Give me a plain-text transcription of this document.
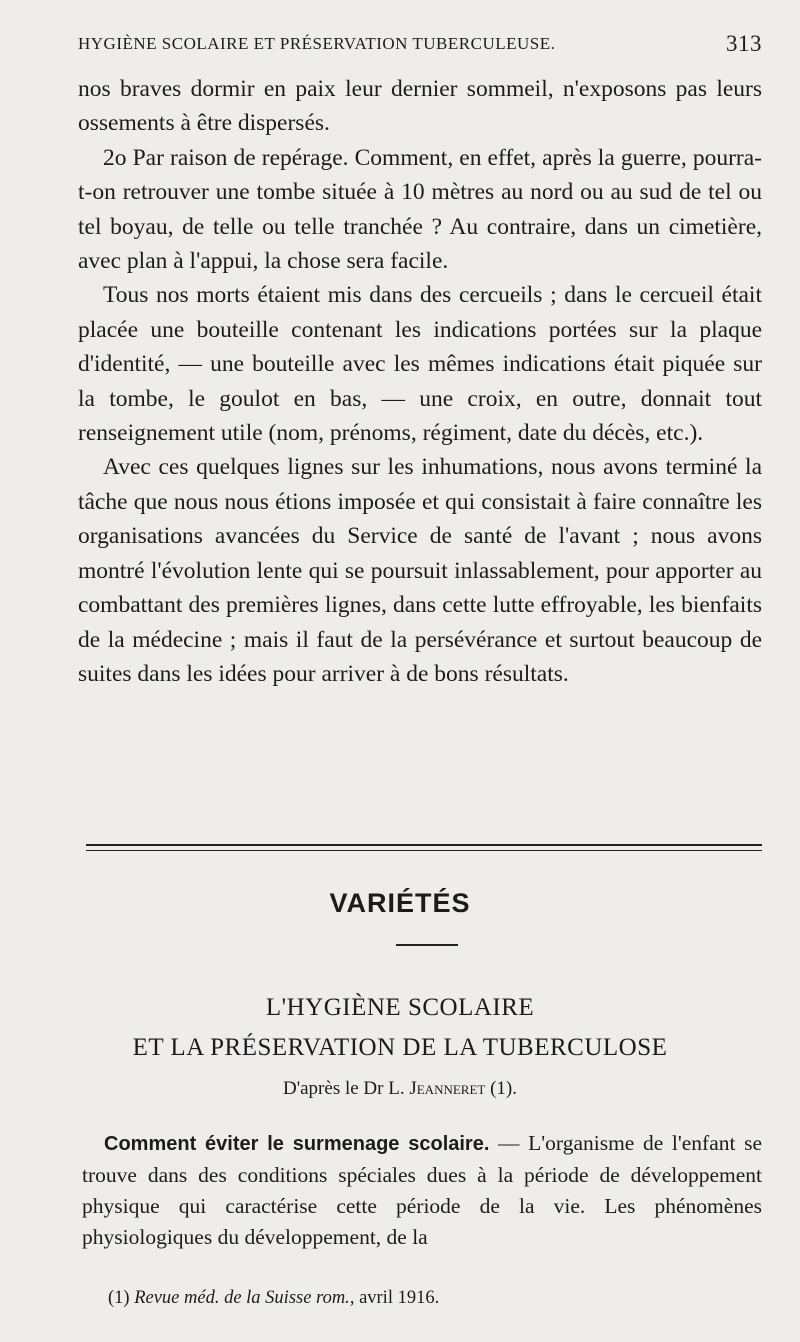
HYGIÈNE SCOLAIRE ET PRÉSERVATION TUBERCULEUSE.	313

nos braves dormir en paix leur dernier sommeil, n'exposons pas leurs ossements à être dispersés.

2o Par raison de repérage. Comment, en effet, après la guerre, pourra-t-on retrouver une tombe située à 10 mètres au nord ou au sud de tel ou tel boyau, de telle ou telle tranchée ? Au contraire, dans un cimetière, avec plan à l'appui, la chose sera facile.

Tous nos morts étaient mis dans des cercueils ; dans le cercueil était placée une bouteille contenant les indications portées sur la plaque d'identité, — une bouteille avec les mêmes indications était piquée sur la tombe, le goulot en bas, — une croix, en outre, donnait tout renseignement utile (nom, prénoms, régiment, date du décès, etc.).

Avec ces quelques lignes sur les inhumations, nous avons terminé la tâche que nous nous étions imposée et qui consistait à faire connaître les organisations avancées du Service de santé de l'avant ; nous avons montré l'évolution lente qui se poursuit inlassablement, pour apporter au combattant des premières lignes, dans cette lutte effroyable, les bienfaits de la médecine ; mais il faut de la persévérance et surtout beaucoup de suites dans les idées pour arriver à de bons résultats.

VARIÉTÉS
L'HYGIÈNE SCOLAIRE
ET LA PRÉSERVATION DE LA TUBERCULOSE
D'après le Dr L. Jeanneret (1).

Comment éviter le surmenage scolaire. — L'organisme de l'enfant se trouve dans des conditions spéciales dues à la période de développement physique qui caractérise cette période de la vie. Les phénomènes physiologiques du développement, de la

(1) Revue méd. de la Suisse rom., avril 1916.
